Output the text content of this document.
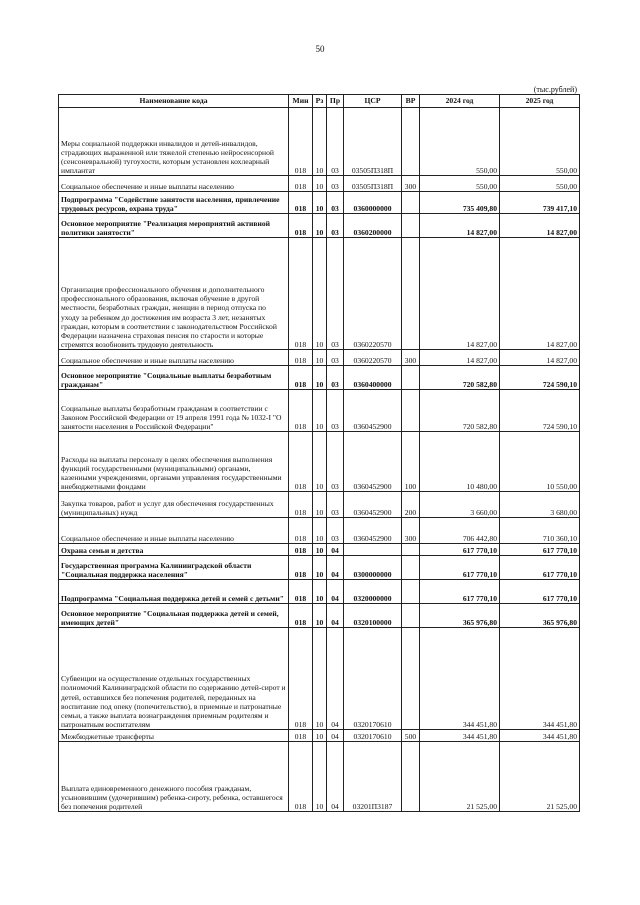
50
(тыс.рублей)
Наименование кода	Мин	Рз	Пр	ЦСР	ВР	2024 год	2025 год
Меры социальной поддержки инвалидов и детей-инвалидов, страдающих выраженной или тяжелой степенью нейросенсорной (сенсоневральной) тугоухости, которым установлен кохлеарный имплантат	018	10	03	03505П318П		550,00	550,00
Социальное обеспечение и иные выплаты населению	018	10	03	03505П318П	300	550,00	550,00
Подпрограмма "Содействие занятости населения, привлечение трудовых ресурсов, охрана труда"	018	10	03	0360000000		735 409,80	739 417,10
Основное мероприятие "Реализация мероприятий активной политики занятости"	018	10	03	0360200000		14 827,00	14 827,00
Организация профессионального обучения и дополнительного профессионального образования, включая обучение в другой местности, безработных граждан, женщин в период отпуска по уходу за ребенком до достижения им возраста 3 лет, незанятых граждан, которым в соответствии с законодательством Российской Федерации назначена страховая пенсия по старости и которые стремятся возобновить трудовую деятельность	018	10	03	0360220570		14 827,00	14 827,00
Социальное обеспечение и иные выплаты населению	018	10	03	0360220570	300	14 827,00	14 827,00
Основное мероприятие "Социальные выплаты безработным гражданам"	018	10	03	0360400000		720 582,80	724 590,10
Социальные выплаты безработным гражданам в соответствии с Законом Российской Федерации от 19 апреля 1991 года № 1032-I "О занятости населения в Российской Федерации"	018	10	03	0360452900		720 582,80	724 590,10
Расходы на выплаты персоналу в целях обеспечения выполнения функций государственными (муниципальными) органами, казенными учреждениями, органами управления государственными внебюджетными фондами	018	10	03	0360452900	100	10 480,00	10 550,00
Закупка товаров, работ и услуг для обеспечения государственных (муниципальных) нужд	018	10	03	0360452900	200	3 660,00	3 680,00
Социальное обеспечение и иные выплаты населению	018	10	03	0360452900	300	706 442,80	710 360,10
Охрана семьи и детства	018	10	04			617 770,10	617 770,10
Государственная программа Калининградской области "Социальная поддержка населения"	018	10	04	0300000000		617 770,10	617 770,10
Подпрограмма "Социальная поддержка детей и семей с детьми"	018	10	04	0320000000		617 770,10	617 770,10
Основное мероприятие "Социальная поддержка детей и семей, имеющих детей"	018	10	04	0320100000		365 976,80	365 976,80
Субвенции на осуществление отдельных государственных полномочий Калининградской области по содержанию детей-сирот и детей, оставшихся без попечения родителей, переданных на воспитание под опеку (попечительство), в приемные и патронатные семьи, а также выплата вознаграждения приемным родителям и патронатным воспитателям	018	10	04	0320170610		344 451,80	344 451,80
Межбюджетные трансферты	018	10	04	0320170610	500	344 451,80	344 451,80
Выплата единовременного денежного пособия гражданам, усыновившим (удочерившим) ребенка-сироту, ребенка, оставшегося без попечения родителей	018	10	04	03201П3187		21 525,00	21 525,00
